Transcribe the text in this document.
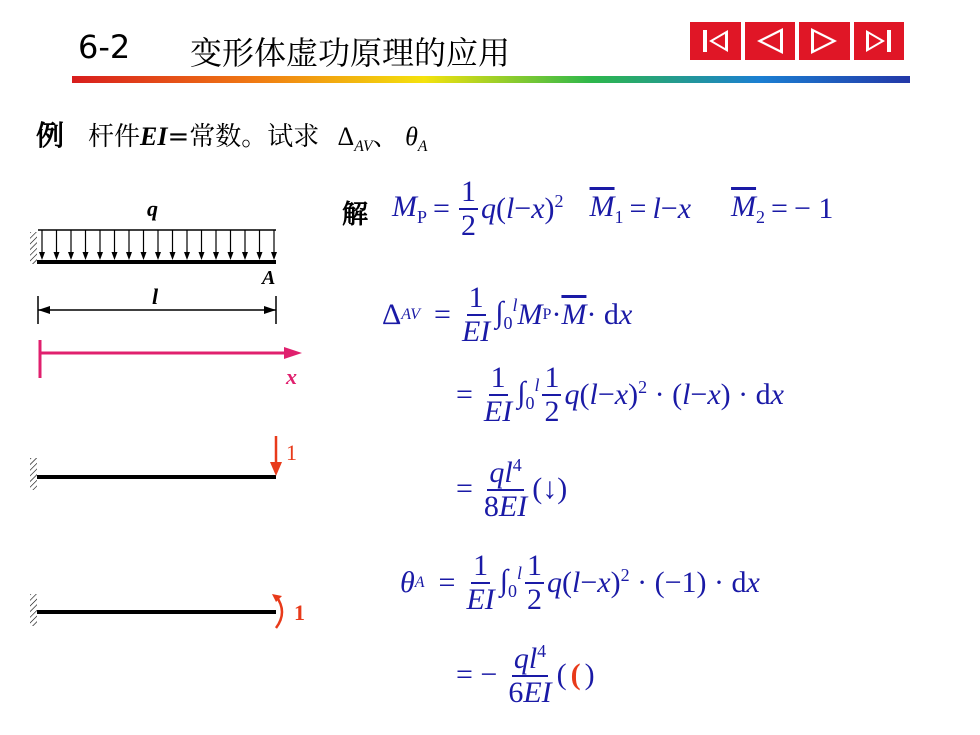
6-2 变形体虚功原理的应用
例 杆件EI=常数。试求 $\Delta_{AV}$、 $\theta_A$
q
A
l
x
1
1
解 $M_P = \frac{1}{2}$ q ( l − x )$^2$ $\overline{M}_1 = l - x$ $\overline{M}_2$ = − 1
Δ AV = $\frac{1}{EI} \int_0^l$ M $P \cdot \overline{M} \cdot d$ x
= $\frac{1}{EI} \int_0^l \frac{1}{2}$ q ( l − x )$^2$ · ( l − x ) · d x
= $\frac{ql^4}{8EI}$ (↓)
θ $A = \frac{1}{EI} \int_0^l \frac{1}{2}$ q ( l − x )$^2$ · (−1) · d x
= − $\frac{ql^4}{6EI}$ ( ( )
